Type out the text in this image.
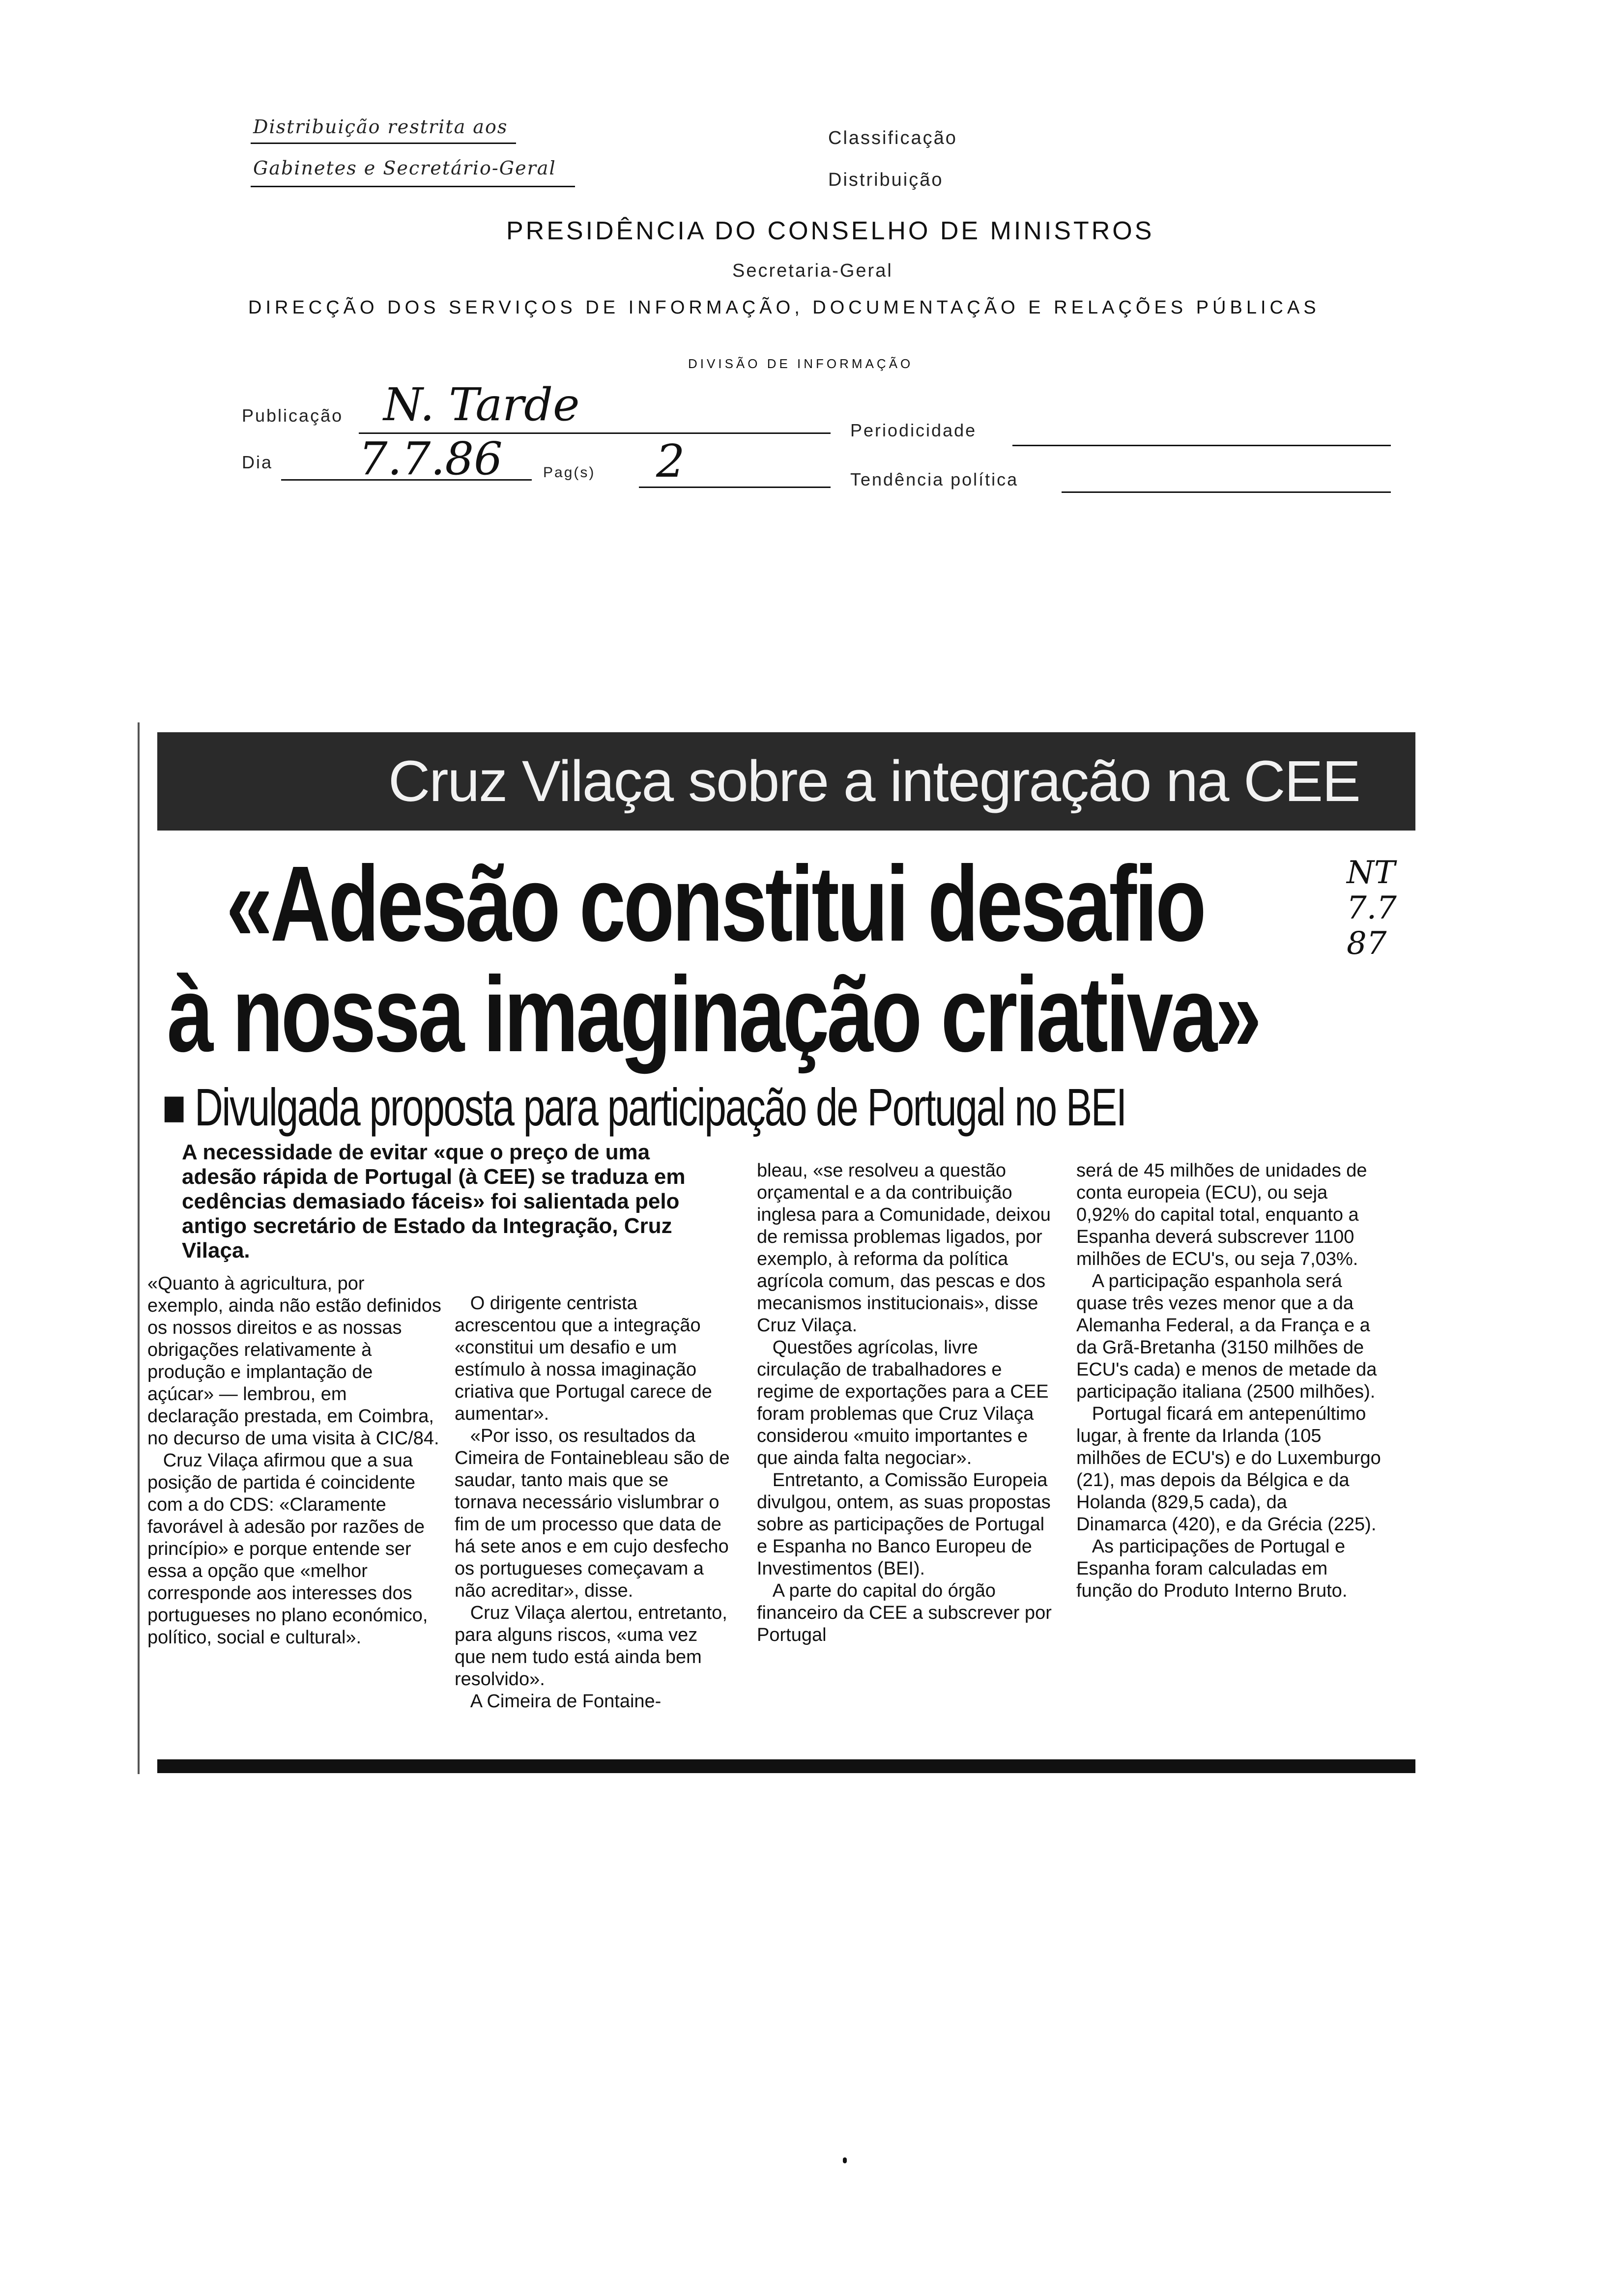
Distribuição restrita aos
Gabinetes e Secretário-Geral
Classificação
Distribuição
PRESIDÊNCIA DO CONSELHO DE MINISTROS
Secretaria-Geral
DIRECÇÃO DOS SERVIÇOS DE INFORMAÇÃO, DOCUMENTAÇÃO E RELAÇÕES PÚBLICAS
DIVISÃO DE INFORMAÇÃO
Publicação N. Tarde	Periodicidade
Dia 7.7.86	Pag(s) 2	Tendência política
Cruz Vilaça sobre a integração na CEE
«Adesão constitui desafio
à nossa imaginação criativa»
NT
7.7
87
■ Divulgada proposta para participação de Portugal no BEI
A necessidade de evitar «que o preço de uma adesão rápida de Portugal (à CEE) se traduza em cedências demasiado fáceis» foi salientada pelo antigo secretário de Estado da Integração, Cruz Vilaça.
«Quanto à agricultura, por exemplo, ainda não estão definidos os nossos direitos e as nossas obrigações relativamente à produção e implantação de açúcar» — lembrou, em declaração prestada, em Coimbra, no decurso de uma visita à CIC/84.
Cruz Vilaça afirmou que a sua posição de partida é coincidente com a do CDS: «Claramente favorável à adesão por razões de princípio» e porque entende ser essa a opção que «melhor corresponde aos interesses dos portugueses no plano económico, político, social e cultural».
O dirigente centrista acrescentou que a integração «constitui um desafio e um estímulo à nossa imaginação criativa que Portugal carece de aumentar».
«Por isso, os resultados da Cimeira de Fontainebleau são de saudar, tanto mais que se tornava necessário vislumbrar o fim de um processo que data de há sete anos e em cujo desfecho os portugueses começavam a não acreditar», disse.
Cruz Vilaça alertou, entretanto, para alguns riscos, «uma vez que nem tudo está ainda bem resolvido».
A Cimeira de Fontaine-
bleau, «se resolveu a questão orçamental e a da contribuição inglesa para a Comunidade, deixou de remissa problemas ligados, por exemplo, à reforma da política agrícola comum, das pescas e dos mecanismos institucionais», disse Cruz Vilaça.
Questões agrícolas, livre circulação de trabalhadores e regime de exportações para a CEE foram problemas que Cruz Vilaça considerou «muito importantes e que ainda falta negociar».
Entretanto, a Comissão Europeia divulgou, ontem, as suas propostas sobre as participações de Portugal e Espanha no Banco Europeu de Investimentos (BEI).
A parte do capital do órgão financeiro da CEE a subscrever por Portugal
será de 45 milhões de unidades de conta europeia (ECU), ou seja 0,92% do capital total, enquanto a Espanha deverá subscrever 1100 milhões de ECU's, ou seja 7,03%.
A participação espanhola será quase três vezes menor que a da Alemanha Federal, a da França e a da Grã-Bretanha (3150 milhões de ECU's cada) e menos de metade da participação italiana (2500 milhões).
Portugal ficará em antepenúltimo lugar, à frente da Irlanda (105 milhões de ECU's) e do Luxemburgo (21), mas depois da Bélgica e da Holanda (829,5 cada), da Dinamarca (420), e da Grécia (225).
As participações de Portugal e Espanha foram calculadas em função do Produto Interno Bruto.
